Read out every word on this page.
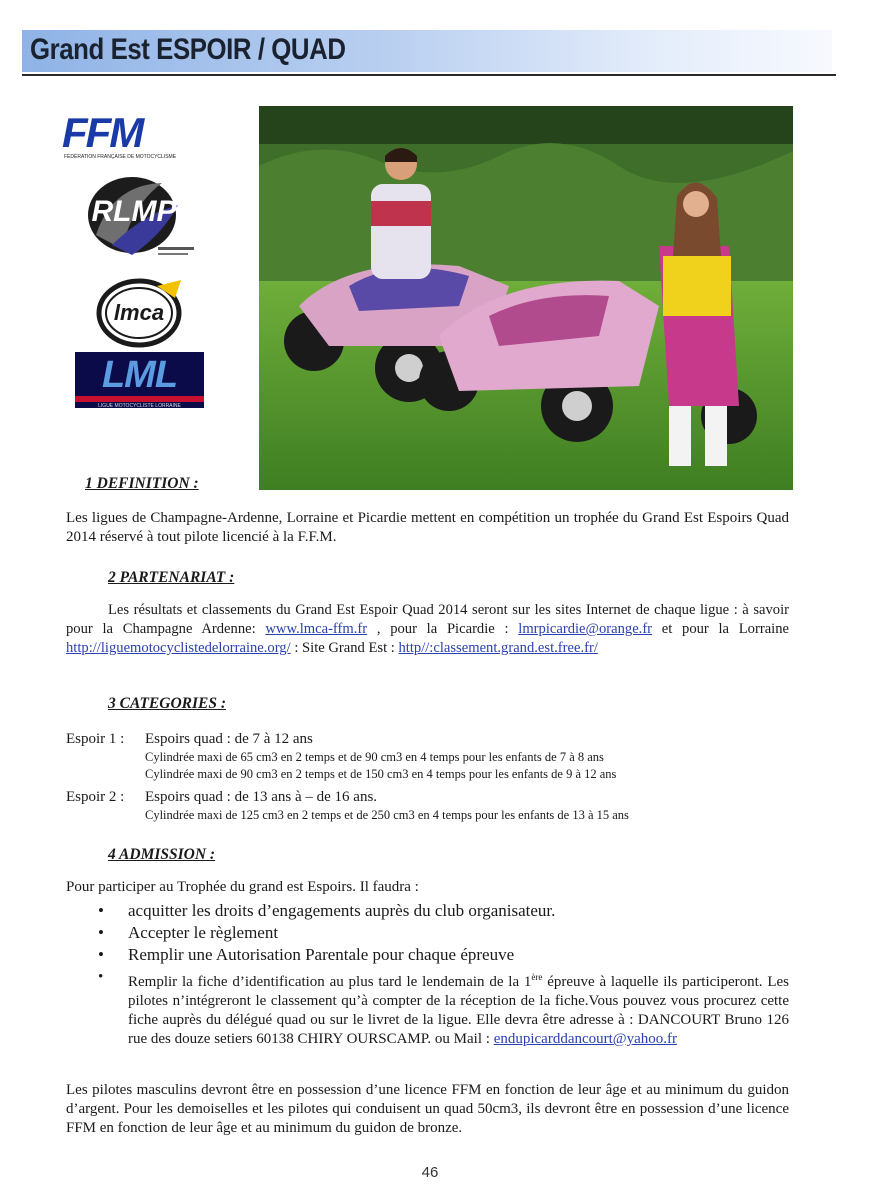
Grand Est ESPOIR / QUAD
FFM
FÉDÉRATION FRANÇAISE DE MOTOCYCLISME
RLMP
lmca
LML
LIGUE MOTOCYCLISTE LORRAINE
1 DEFINITION :

Les ligues de Champagne-Ardenne, Lorraine et Picardie mettent en compétition un trophée du Grand Est Espoirs Quad 2014 réservé à tout pilote licencié à la F.F.M.

2 PARTENARIAT :

Les résultats et classements du Grand Est Espoir Quad 2014 seront sur les sites Internet de chaque ligue : à savoir pour la Champagne Ardenne: www.lmca-ffm.fr , pour la Picardie : lmrpicardie@orange.fr et pour la Lorraine http://liguemotocyclistedelorraine.org/ : Site Grand Est : http//:classement.grand.est.free.fr/

3 CATEGORIES :
Espoir 1 : Espoirs quad : de 7 à 12 ans
Cylindrée maxi de 65 cm3 en 2 temps et de 90 cm3 en 4 temps pour les enfants de 7 à 8 ans
Cylindrée maxi de 90 cm3 en 2 temps et de 150 cm3 en 4 temps pour les enfants de 9 à 12 ans
Espoir 2 : Espoirs quad : de 13 ans à – de 16 ans.
Cylindrée maxi de 125 cm3 en 2 temps et de 250 cm3 en 4 temps pour les enfants de 13 à 15 ans
4 ADMISSION :

Pour participer au Trophée du grand est Espoirs. Il faudra :

• acquitter les droits d’engagements auprès du club organisateur.
• Accepter le règlement
• Remplir une Autorisation Parentale pour chaque épreuve
• Remplir la fiche d’identification au plus tard le lendemain de la 1ère épreuve à laquelle ils participeront. Les pilotes n’intégreront le classement qu’à compter de la réception de la fiche.Vous pouvez vous procurez cette fiche auprès du délégué quad ou sur le livret de la ligue. Elle devra être adresse à : DANCOURT Bruno 126 rue des douze setiers 60138 CHIRY OURSCAMP. ou Mail : endupicarddancourt@yahoo.fr

Les pilotes masculins devront être en possession d’une licence FFM en fonction de leur âge et au minimum du guidon d’argent. Pour les demoiselles et les pilotes qui conduisent un quad 50cm3, ils devront être en possession d’une licence FFM en fonction de leur âge et au minimum du guidon de bronze.

46
